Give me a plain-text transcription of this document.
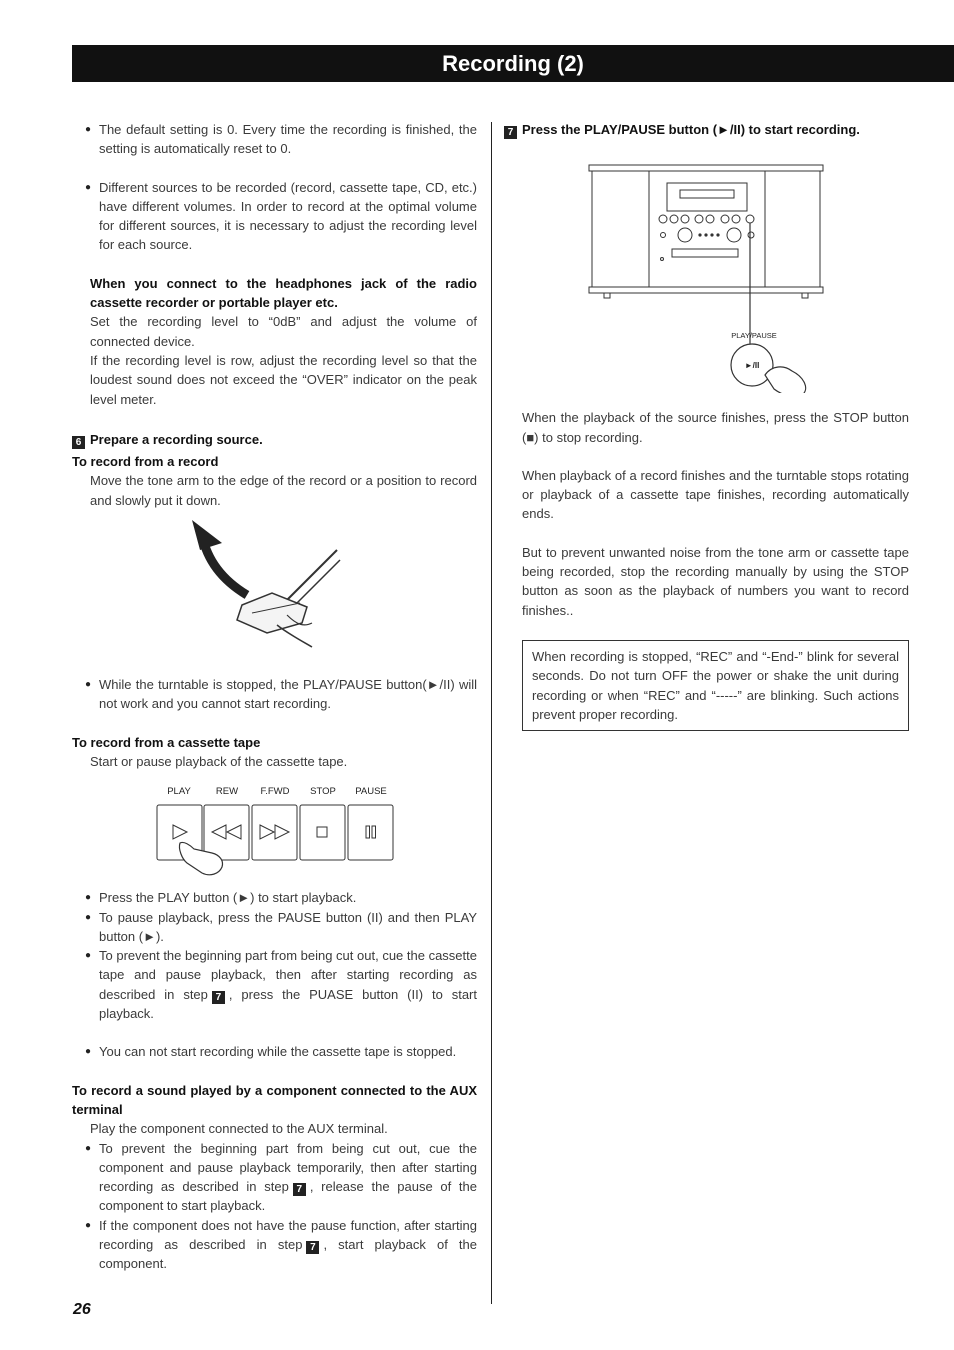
Recording (2)

● The default setting is 0. Every time the recording is finished, the setting is automatically reset to 0.

● Different sources to be recorded (record, cassette tape, CD, etc.) have different volumes. In order to record at the optimal volume for different sources, it is necessary to adjust the recording level for each source.

When you connect to the headphones jack of the radio cassette recorder or portable player etc.

Set the recording level to “0dB” and adjust the volume of connected device.

If the recording level is row, adjust the recording level so that the loudest sound does not exceed the “OVER” indicator on the peak level meter.

6 Prepare a recording source.

To record from a record

Move the tone arm to the edge of the record or a position to record and slowly put it down.

● While the turntable is stopped, the PLAY/PAUSE button(►/II) will not work and you cannot start recording.

To record from a cassette tape

Start or pause playback of the cassette tape.

PLAY	REW F.FWD STOP PAUSE

● Press the PLAY button (►) to start playback.

● To pause playback, press the PAUSE button (II) and then PLAY button (►).

● To prevent the beginning part from being cut out, cue the cassette tape and pause playback, then after starting recording as described in step 7 , press the PUASE button (II) to start playback.

● You can not start recording while the cassette tape is stopped.

To record a sound played by a component connected to the AUX terminal

Play the component connected to the AUX terminal.

● To prevent the beginning part from being cut out, cue the component and pause playback temporarily, then after starting recording as described in step 7 , release the pause of the component to start playback.

● If the component does not have the pause function, after starting recording as described in step 7 , start playback of the component.

7 Press the PLAY/PAUSE button (►/II) to start recording.

PLAY/PAUSE
►/II

When the playback of the source finishes, press the STOP button (■) to stop recording.

When playback of a record finishes and the turntable stops rotating or playback of a cassette tape finishes, recording automatically ends.

But to prevent unwanted noise from the tone arm or cassette tape being recorded, stop the recording manually by using the STOP button as soon as the playback of numbers you want to record finishes..

When recording is stopped, “REC” and “-End-” blink for several seconds. Do not turn OFF the power or shake the unit during recording or when “REC” and “-----” are blinking. Such actions prevent proper recording.

26
